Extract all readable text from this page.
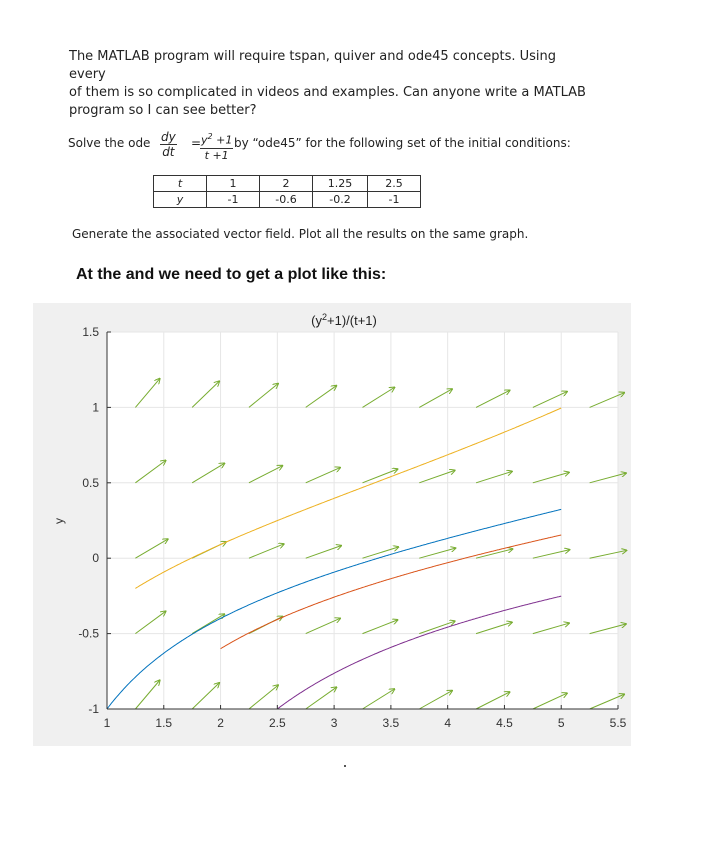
The MATLAB program will require tspan, quiver and ode45 concepts. Using every
of them is so complicated in videos and examples. Can anyone write a MATLAB
program so I can see better?
Solve the ode $\frac{dy}{dt}$ =
$\frac{y^2 +1}{t +1}$ by “ode45” for the following set of the initial conditions:
t	1	2	1.25	2.5
y	-1	-0.6	-0.2	-1
Generate the associated vector field. Plot all the results on the same graph.
At the and we need to get a plot like this:
1	1.5	2	2.5	3	3.5	4	4.5	5	5.5
1.5
1
0.5
0
-0.5
-1
$(y^2+1)/(t+1)$
y
